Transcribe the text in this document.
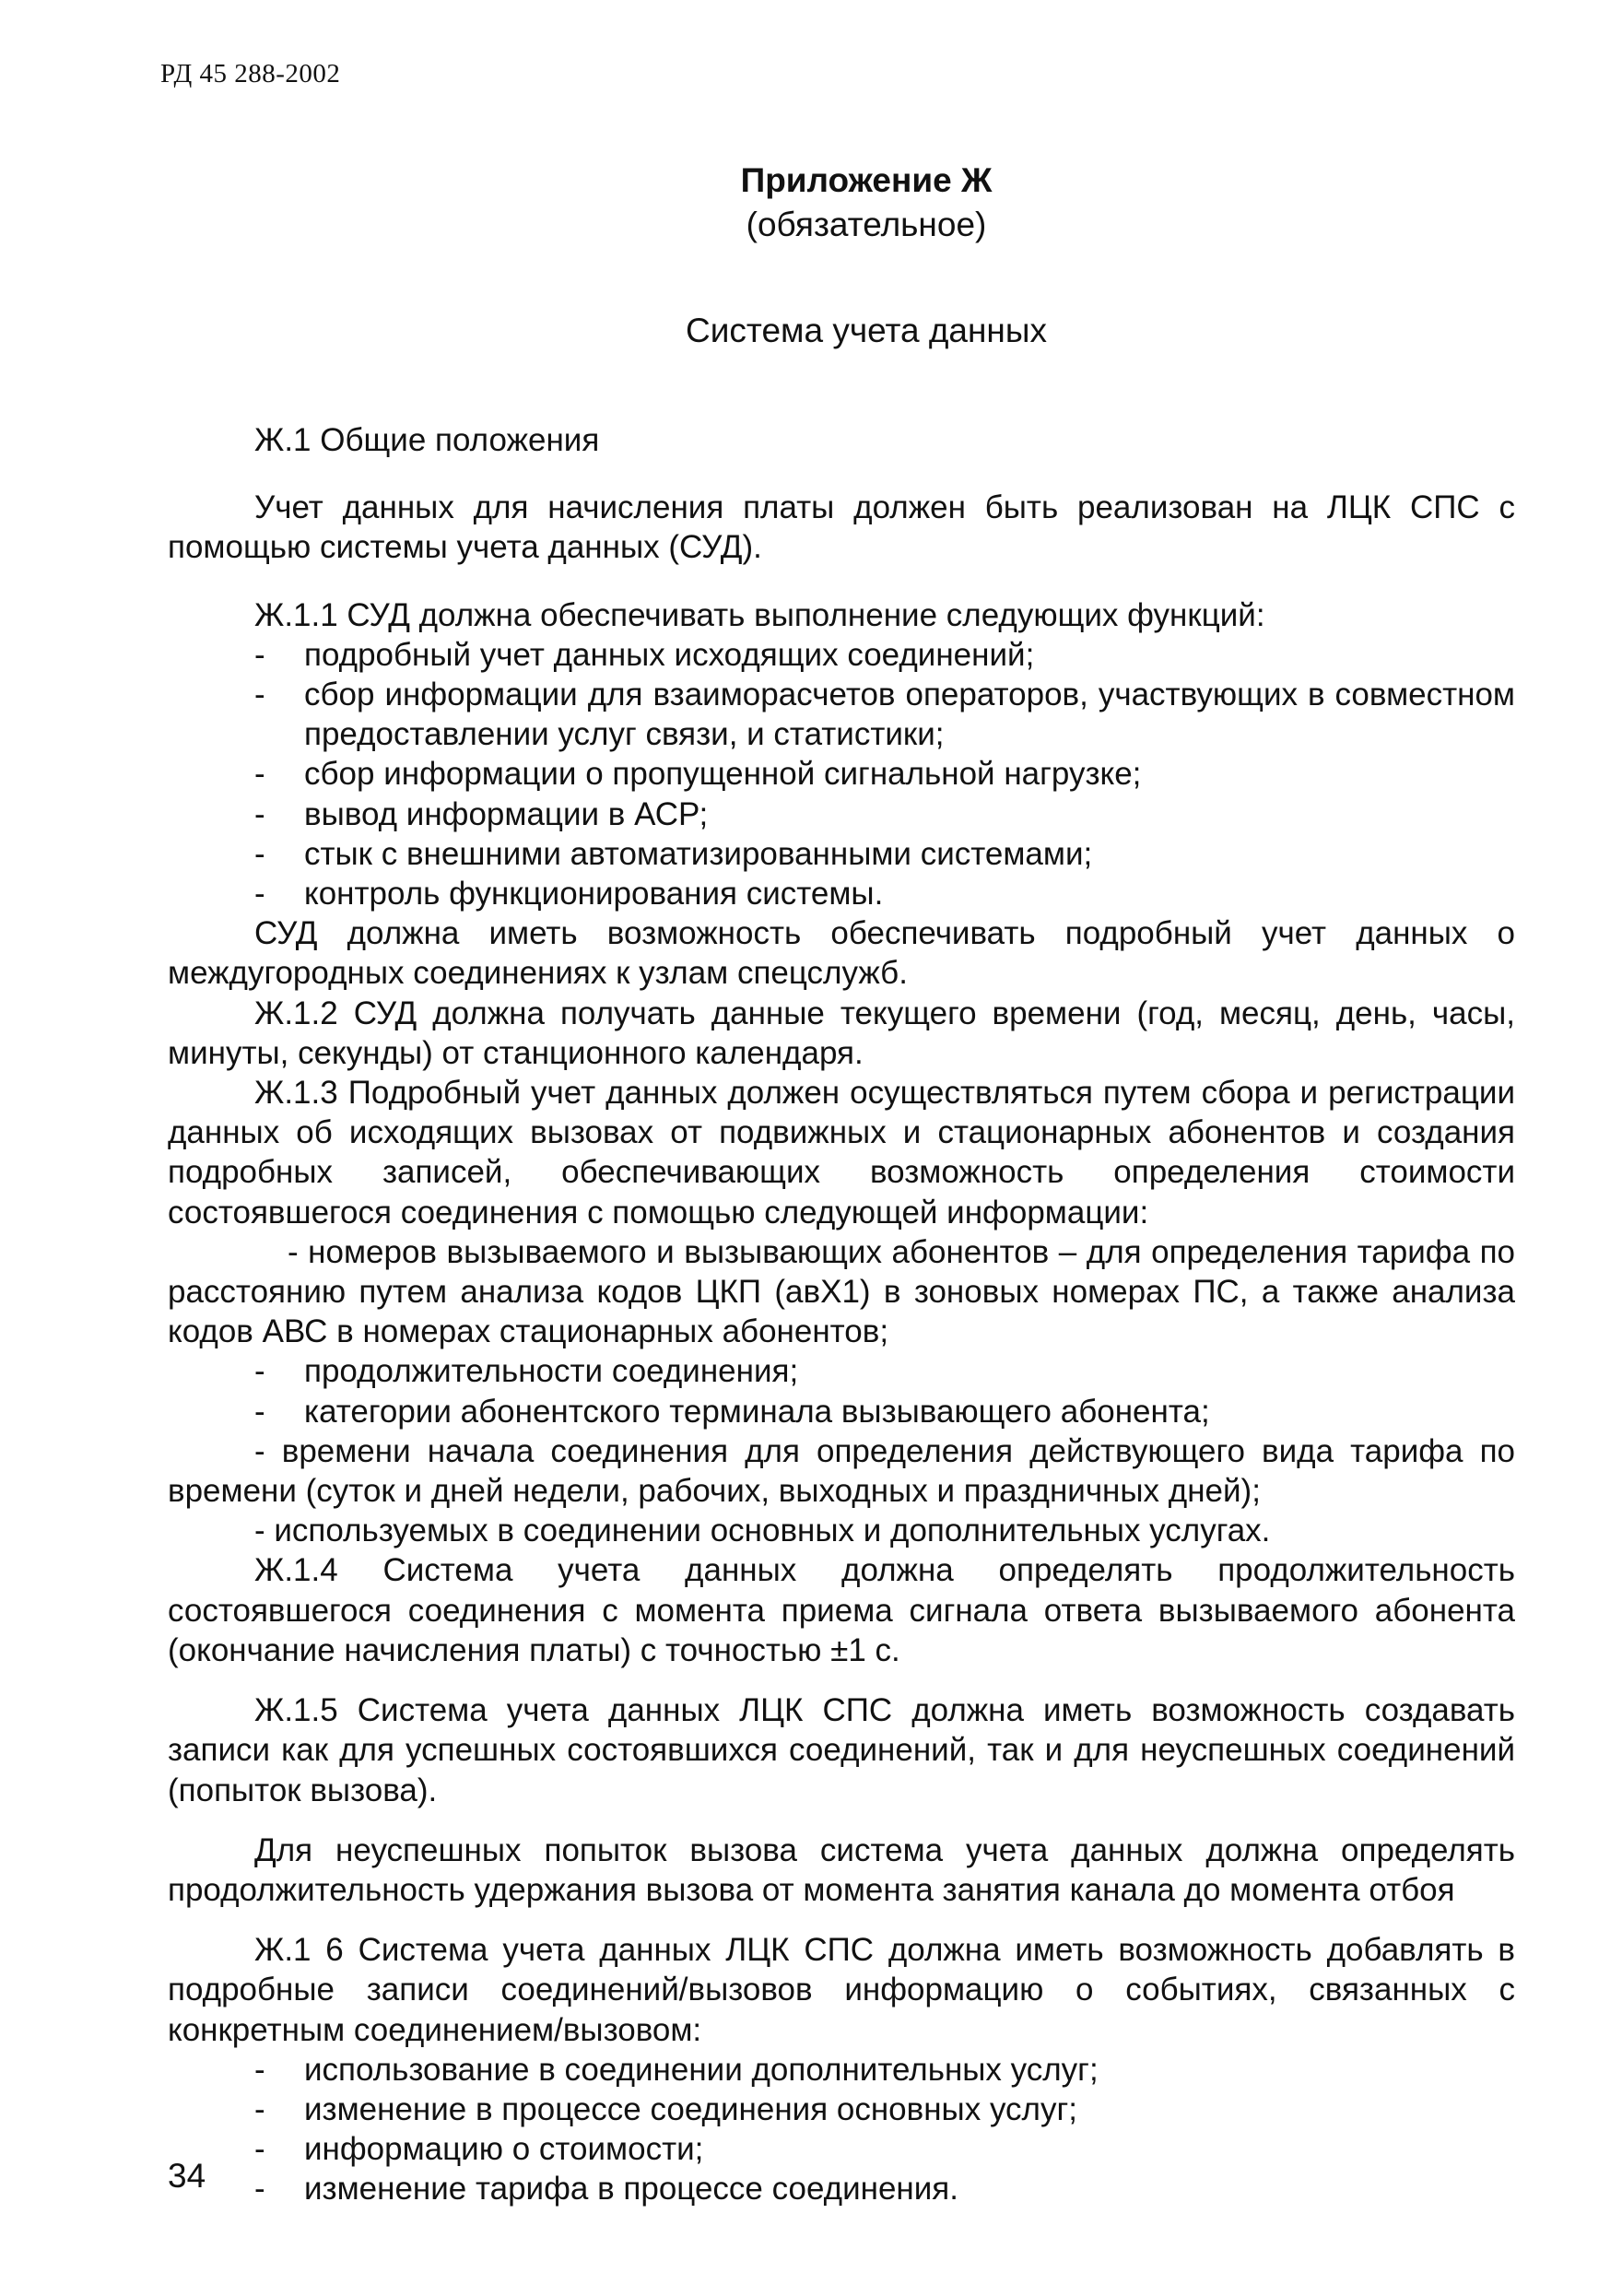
РД 45 288-2002
Приложение Ж
(обязательное)
Система учета данных

Ж.1 Общие положения

Учет данных для начисления платы должен быть реализован на ЛЦК СПС с помощью системы учета данных (СУД).

Ж.1.1 СУД должна обеспечивать выполнение следующих функций:

- подробный учет данных исходящих соединений;

- сбор информации для взаиморасчетов операторов, участвующих в совместном предоставлении услуг связи, и статистики;

- сбор информации о пропущенной сигнальной нагрузке;

- вывод информации в АСР;

- стык с внешними автоматизированными системами;

- контроль функционирования системы.

СУД должна иметь возможность обеспечивать подробный учет данных о междугородных соединениях к узлам спецслужб.

Ж.1.2 СУД должна получать данные текущего времени (год, месяц, день, часы, минуты, секунды) от станционного календаря.

Ж.1.3 Подробный учет данных должен осуществляться путем сбора и регистрации данных об исходящих вызовах от подвижных и стационарных абонентов и создания подробных записей, обеспечивающих возможность определения стоимости состоявшегося соединения с помощью следующей информации:

- номеров вызываемого и вызывающих абонентов – для определения тарифа по расстоянию путем анализа кодов ЦКП (авХ1) в зоновых номерах ПС, а также анализа кодов АВС в номерах стационарных абонентов;

- продолжительности соединения;

- категории абонентского терминала вызывающего абонента;

- времени начала соединения для определения действующего вида тарифа по времени (суток и дней недели, рабочих, выходных и праздничных дней);

- используемых в соединении основных и дополнительных услугах.

Ж.1.4 Система учета данных должна определять продолжительность состоявшегося соединения с момента приема сигнала ответа вызываемого абонента (окончание начисления платы) с точностью ±1 с.

Ж.1.5 Система учета данных ЛЦК СПС должна иметь возможность создавать записи как для успешных состоявшихся соединений, так и для неуспешных соединений (попыток вызова).

Для неуспешных попыток вызова система учета данных должна определять продолжительность удержания вызова от момента занятия канала до момента отбоя

Ж.1 6 Система учета данных ЛЦК СПС должна иметь возможность добавлять в подробные записи соединений/вызовов информацию о событиях, связанных с конкретным соединением/вызовом:

- использование в соединении дополнительных услуг;

- изменение в процессе соединения основных услуг;

- информацию о стоимости;

- изменение тарифа в процессе соединения.

34
